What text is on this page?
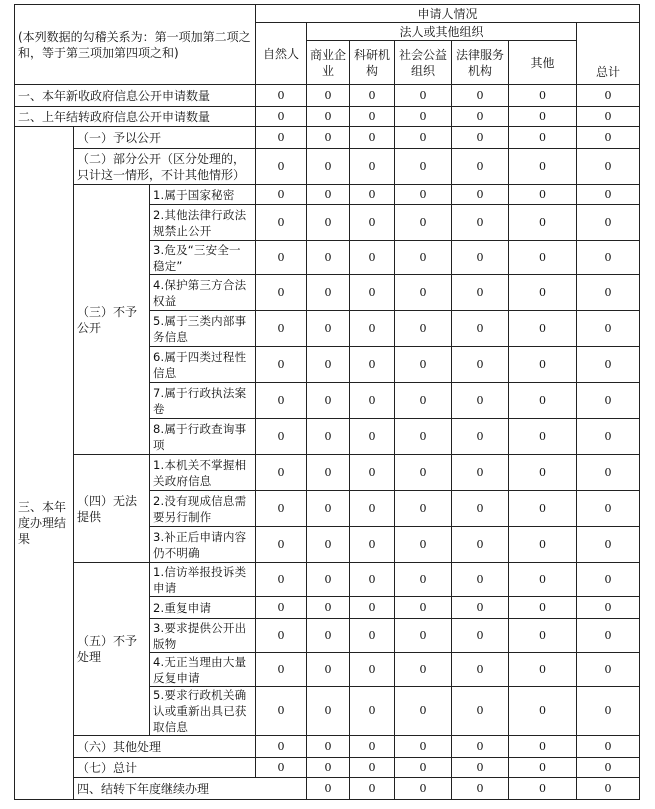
(本列数据的勾稽关系为：第一项加第二项之和，等于第三项加第四项之和)			申请人情况							
			自然人	法人或其他组织					总计	
				商业企业	科研机构	社会公益组织	法律服务机构	其他		
一、本年新收政府信息公开申请数量			0	0	0	0	0	0	0	
二、上年结转政府信息公开申请数量			0	0	0	0	0	0	0	
三、本年度办理结果	（一）予以公开		0	0	0	0	0	0	0	
	（二）部分公开（区分处理的，只计这一情形，不计其他情形）		0	0	0	0	0	0	0	
	（三）不予公开	1.属于国家秘密	0	0	0	0	0	0	0	
		2.其他法律行政法规禁止公开	0	0	0	0	0	0	0	
		3.危及“三安全一稳定”	0	0	0	0	0	0	0	
		4.保护第三方合法权益	0	0	0	0	0	0	0	
		5.属于三类内部事务信息	0	0	0	0	0	0	0	
		6.属于四类过程性信息	0	0	0	0	0	0	0	
		7.属于行政执法案卷	0	0	0	0	0	0	0	
		8.属于行政查询事项	0	0	0	0	0	0	0	
	（四）无法提供	1.本机关不掌握相关政府信息	0	0	0	0	0	0	0	
		2.没有现成信息需要另行制作	0	0	0	0	0	0	0	
		3.补正后申请内容仍不明确	0	0	0	0	0	0	0	
	（五）不予处理	1.信访举报投诉类申请	0	0	0	0	0	0	0	
		2.重复申请	0	0	0	0	0	0	0	
		3.要求提供公开出版物	0	0	0	0	0	0	0	
		4.无正当理由大量反复申请	0	0	0	0	0	0	0	
		5.要求行政机关确认或重新出具已获取信息	0	0	0	0	0	0	0	
	（六）其他处理		0	0	0	0	0	0	0	
	（七）总计		0	0	0	0	0	0	0	
	四、结转下年度继续办理			0	0	0	0	0	0	
